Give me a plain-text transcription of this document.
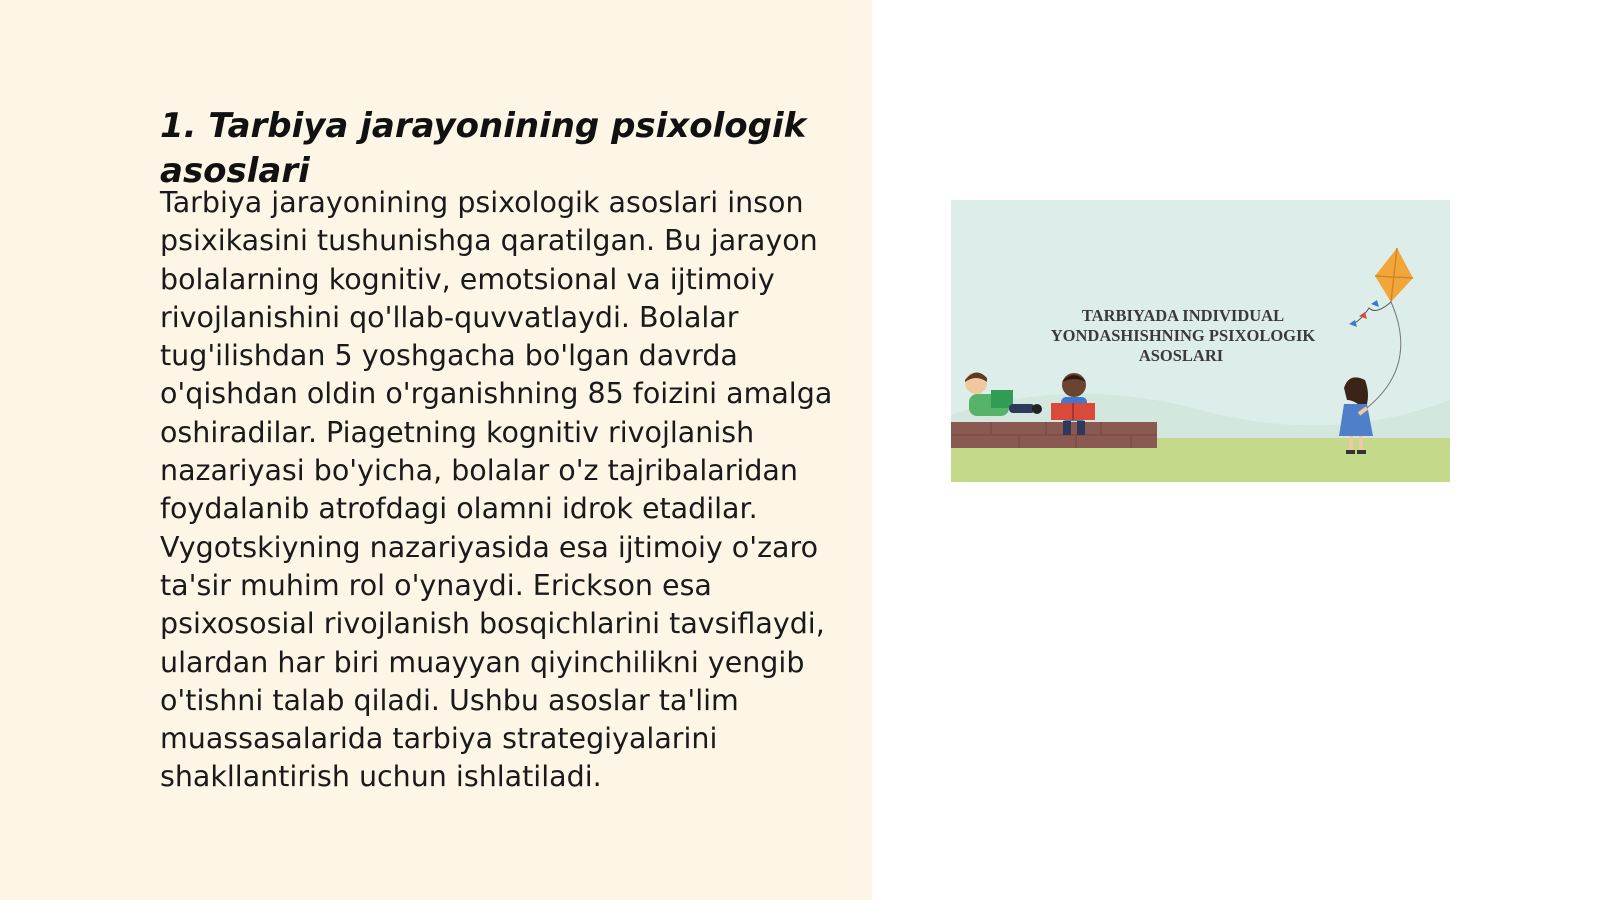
1. Tarbiya jarayonining psixologik asoslari

Tarbiya jarayonining psixologik asoslari inson psixikasini tushunishga qaratilgan. Bu jarayon bolalarning kognitiv, emotsional va ijtimoiy rivojlanishini qo'llab-quvvatlaydi. Bolalar tug'ilishdan 5 yoshgacha bo'lgan davrda o'qishdan oldin o'rganishning 85 foizini amalga oshiradilar. Piagetning kognitiv rivojlanish nazariyasi bo'yicha, bolalar o'z tajribalaridan foydalanib atrofdagi olamni idrok etadilar. Vygotskiyning nazariyasida esa ijtimoiy o'zaro ta'sir muhim rol o'ynaydi. Erickson esa psixososial rivojlanish bosqichlarini tavsiflaydi, ulardan har biri muayyan qiyinchilikni yengib o'tishni talab qiladi. Ushbu asoslar ta'lim muassasalarida tarbiya strategiyalarini shakllantirish uchun ishlatiladi.

TARBIYADA INDIVIDUAL
YONDASHISHNING PSIXOLOGIK
ASOSLARI
